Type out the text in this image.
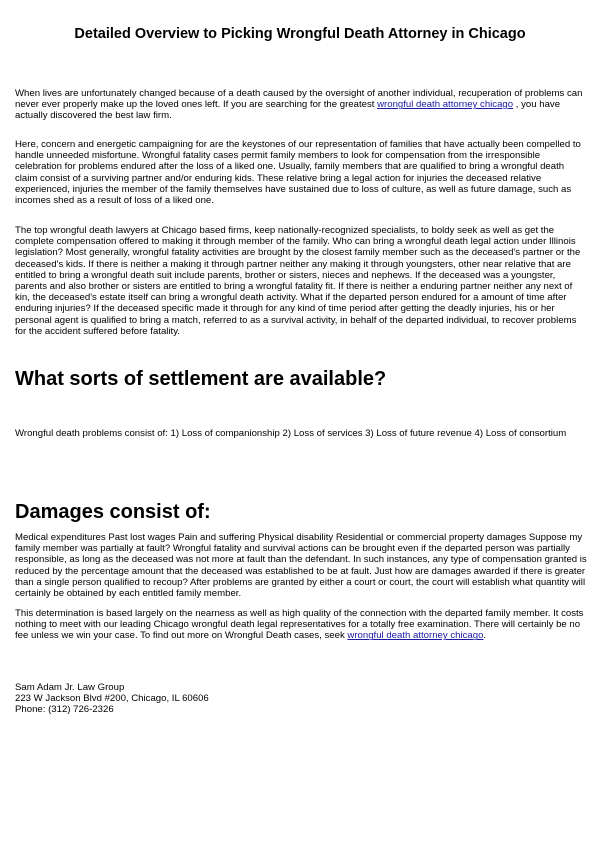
Detailed Overview to Picking Wrongful Death Attorney in Chicago

When lives are unfortunately changed because of a death caused by the oversight of another individual, recuperation of problems can never ever properly make up the loved ones left. If you are searching for the greatest wrongful death attorney chicago , you have actually discovered the best law firm.

Here, concern and energetic campaigning for are the keystones of our representation of families that have actually been compelled to handle unneeded misfortune. Wrongful fatality cases permit family members to look for compensation from the irresponsible celebration for problems endured after the loss of a liked one. Usually, family members that are qualified to bring a wrongful death claim consist of a surviving partner and/or enduring kids. These relative bring a legal action for injuries the deceased relative experienced, injuries the member of the family themselves have sustained due to loss of culture, as well as future damage, such as incomes shed as a result of loss of a liked one.

The top wrongful death lawyers at Chicago based firms, keep nationally-recognized specialists, to boldy seek as well as get the complete compensation offered to making it through member of the family. Who can bring a wrongful death legal action under Illinois legislation? Most generally, wrongful fatality activities are brought by the closest family member such as the deceased's partner or the deceased's kids. If there is neither a making it through partner neither any making it through youngsters, other near relative that are entitled to bring a wrongful death suit include parents, brother or sisters, nieces and nephews. If the deceased was a youngster, parents and also brother or sisters are entitled to bring a wrongful fatality fit. If there is neither a enduring partner neither any next of kin, the deceased's estate itself can bring a wrongful death activity. What if the departed person endured for a amount of time after enduring injuries? If the deceased specific made it through for any kind of time period after getting the deadly injuries, his or her personal agent is qualified to bring a match, referred to as a survival activity, in behalf of the departed individual, to recover problems for the accident suffered before fatality.

What sorts of settlement are available?

Wrongful death problems consist of: 1) Loss of companionship 2) Loss of services 3) Loss of future revenue 4) Loss of consortium

Damages consist of:

Medical expenditures Past lost wages Pain and suffering Physical disability Residential or commercial property damages Suppose my family member was partially at fault? Wrongful fatality and survival actions can be brought even if the departed person was partially responsible, as long as the deceased was not more at fault than the defendant. In such instances, any type of compensation granted is reduced by the percentage amount that the deceased was established to be at fault. Just how are damages awarded if there is greater than a single person qualified to recoup? After problems are granted by either a court or court, the court will establish what quantity will certainly be obtained by each entitled family member.

This determination is based largely on the nearness as well as high quality of the connection with the departed family member. It costs nothing to meet with our leading Chicago wrongful death legal representatives for a totally free examination. There will certainly be no fee unless we win your case. To find out more on Wrongful Death cases, seek wrongful death attorney chicago.

Sam Adam Jr. Law Group
223 W Jackson Blvd #200, Chicago, IL 60606
Phone: (312) 726-2326
